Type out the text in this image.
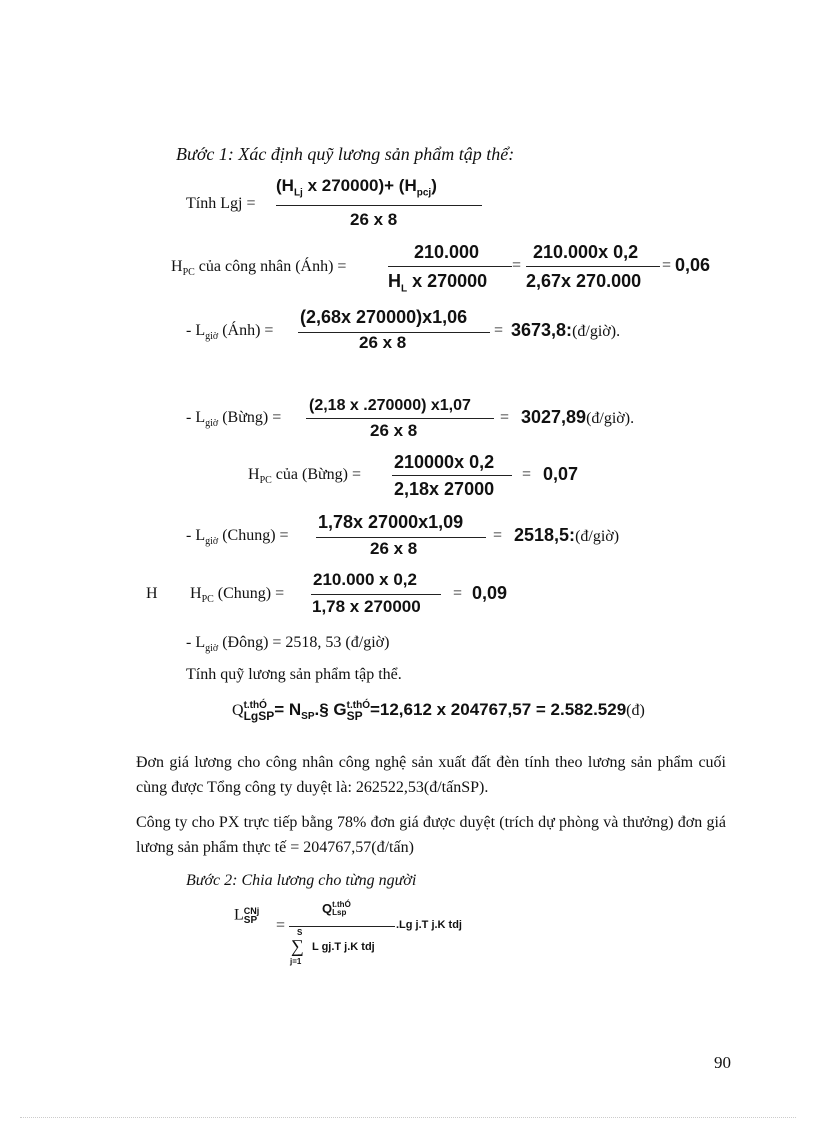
Bước 1: Xác định quỹ lương sản phẩm tập thể:
Tính Lgj =
($H_{Lj}$ x $270000)+ (H_{pcj})$
26 x 8
$H_{PC}$ của công nhân (Ánh) =
210.000
$H_L$ x 270000
=
210.000x 0,2
2,67x 270.000
= 0,06
- $L_{giờ}$ (Ánh) =
(2,68x 270000)x1,06
26 x 8
= 3673,8:(đ/giờ).
- $L_{giờ}$ (Bừng) =
(2,18 x .270000) x1,07
26 x 8
= 3027,89(đ/giờ).
$H_{PC}$ của (Bừng) =
210000x 0,2
2,18x 27000
= 0,07
- $L_{giờ}$ (Chung) =
1,78x 27000x1,09
26 x 8
= 2518,5:(đ/giờ)
H $H_{PC}$ (Chung) =
210.000 x 0,2
1,78 x 270000
= 0,09
- $L_{giờ}$ (Đông) = 2518, 53 (đ/giờ)
Tính quỹ lương sản phẩm tập thể.
Q t.thÓ
LgSP = $N_{SP}.\S$ G t.thÓ
SP =12,612 x 204767,57 = 2.582.529(đ)
Đơn giá lương cho công nhân công nghệ sản xuất đất đèn tính theo lương sản phẩm cuối cùng được Tổng công ty duyệt là: 262522,53(đ/tấnSP).
Công ty cho PX trực tiếp bằng 78% đơn giá được duyệt (trích dự phòng và thưởng) đơn giá lương sản phẩm thực tế = 204767,57(đ/tấn)
Bước 2: Chia lương cho từng người
L CNj
SP =
Q t.thÓ
Lsp
.Lg j.T j.K tdj
S
∑
j=1
L gj.T j.K tdj
90
